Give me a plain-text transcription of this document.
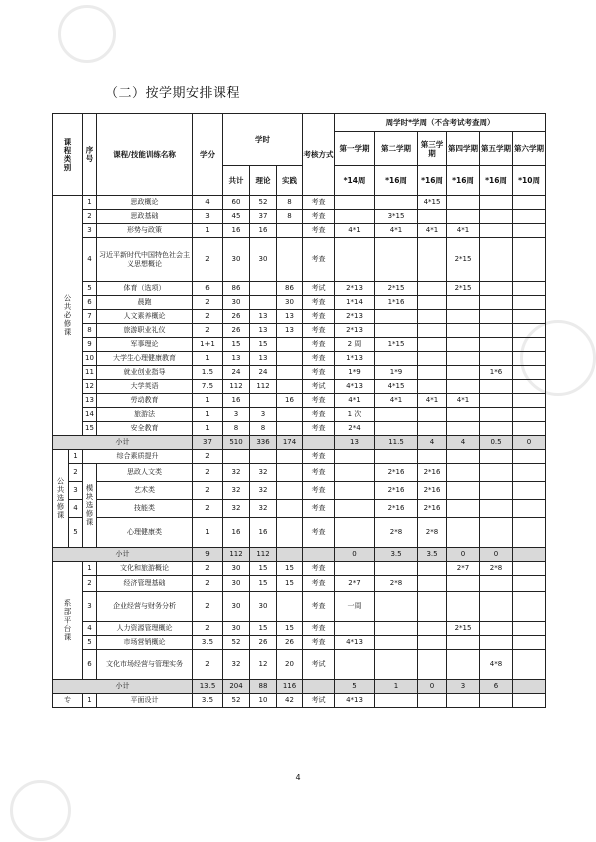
（二）按学期安排课程
课程类别		序号	课程/技能训练名称	学分	学时			考核方式	周学时*学周（不含考试考查周）					
									第一学期	第二学期	第三学期	第四学期	第五学期	第六学期
					共计	理论	实践		*14周	*16周	*16周	*16周	*16周	*10周
公共必修课		1	思政概论	4	60	52	8	考查			4*15			
		2	思政基础	3	45	37	8	考查		3*15				
		3	形势与政策	1	16	16		考查	4*1	4*1	4*1	4*1		
		4	习近平新时代中国特色社会主义思想概论	2	30	30		考查				2*15		
		5	体育（选项）	6	86		86	考试	2*13	2*15		2*15		
		6	晨跑	2	30		30	考查	1*14	1*16				
		7	人文素养概论	2	26	13	13	考查	2*13					
		8	旅游职业礼仪	2	26	13	13	考查	2*13					
		9	军事理论	1+1	15	15		考查	2 周	1*15				
		10	大学生心理健康教育	1	13	13		考查	1*13					
		11	就业创业指导	1.5	24	24		考查	1*9	1*9			1*6	
		12	大学英语	7.5	112	112		考试	4*13	4*15				
		13	劳动教育	1	16		16	考查	4*1	4*1	4*1	4*1		
		14	旅游法	1	3	3		考查	1 次					
		15	安全教育	1	8	8		考查	2*4					
小计				37	510	336	174		13	11.5	4	4	0.5	0
公共选修课	1	综合素质提升		2				考查						
	2	模块选修课	思政人文类	2	32	32		考查		2*16	2*16			
	3		艺术类	2	32	32		考查		2*16	2*16			
	4		技能类	2	32	32		考查		2*16	2*16			
	5		心理健康类	1	16	16		考查		2*8	2*8			
小计				9	112	112			0	3.5	3.5	0	0	
系部平台课		1	文化和旅游概论	2	30	15	15	考查				2*7	2*8	
		2	经济管理基础	2	30	15	15	考查	2*7	2*8				
		3	企业经营与财务分析	2	30	30		考查	一周					
		4	人力资源管理概论	2	30	15	15	考查				2*15		
		5	市场营销概论	3.5	52	26	26	考查	4*13					
		6	文化市场经营与管理实务	2	32	12	20	考试					4*8	
小计				13.5	204	88	116		5	1	0	3	6	
专		1	平面设计	3.5	52	10	42	考试	4*13					
4
